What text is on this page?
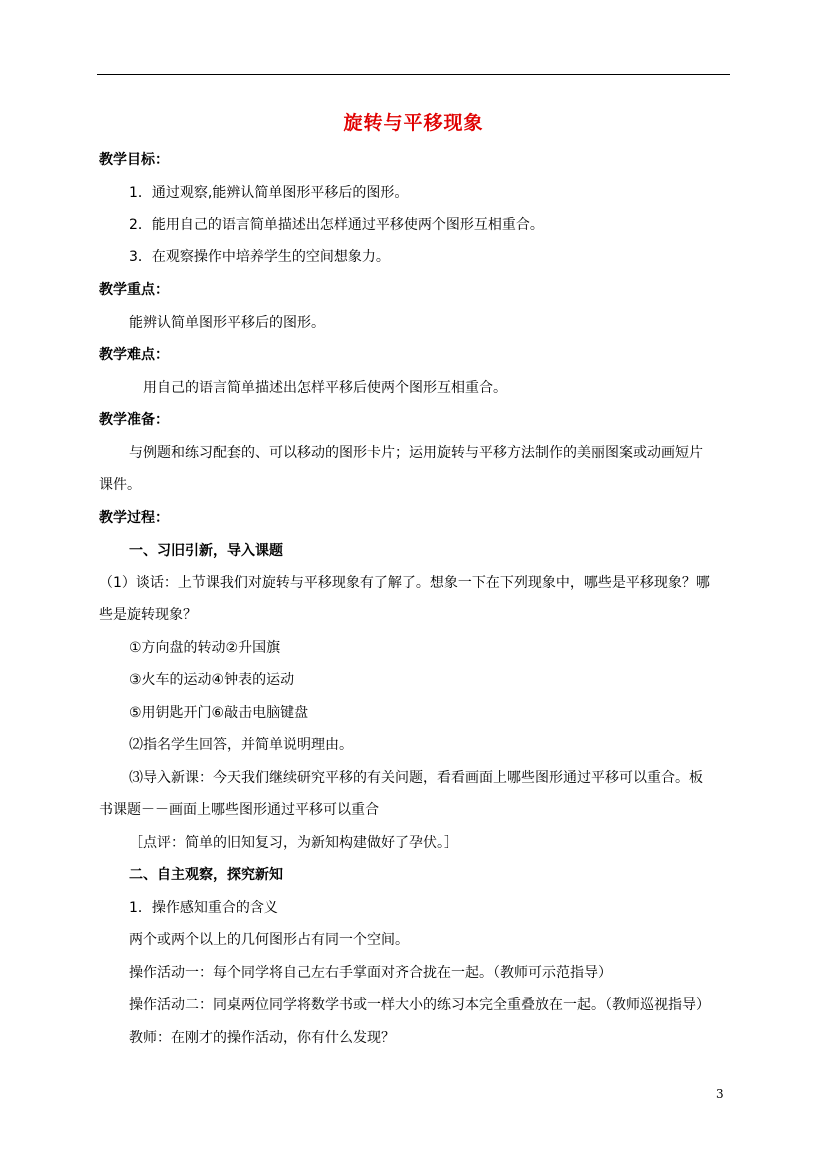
旋转与平移现象
教学目标：
1．通过观察,能辨认简单图形平移后的图形。
2．能用自己的语言简单描述出怎样通过平移使两个图形互相重合。
3．在观察操作中培养学生的空间想象力。
教学重点：
能辨认简单图形平移后的图形。
教学难点：
用自己的语言简单描述出怎样平移后使两个图形互相重合。
教学准备：
与例题和练习配套的、可以移动的图形卡片；运用旋转与平移方法制作的美丽图案或动画短片
课件。
教学过程：
一、习旧引新，导入课题
（1）谈话：上节课我们对旋转与平移现象有了解了。想象一下在下列现象中，哪些是平移现象？哪
些是旋转现象？
①方向盘的转动②升国旗
③火车的运动④钟表的运动
⑤用钥匙开门⑥敲击电脑键盘
⑵指名学生回答，并简单说明理由。
⑶导入新课：今天我们继续研究平移的有关问题，看看画面上哪些图形通过平移可以重合。板
书课题－－画面上哪些图形通过平移可以重合
［点评：简单的旧知复习，为新知构建做好了孕伏。］
二、自主观察，探究新知
1．操作感知重合的含义
两个或两个以上的几何图形占有同一个空间。
操作活动一：每个同学将自己左右手掌面对齐合拢在一起。（教师可示范指导）
操作活动二：同桌两位同学将数学书或一样大小的练习本完全重叠放在一起。（教师巡视指导）
教师：在刚才的操作活动，你有什么发现？
3
